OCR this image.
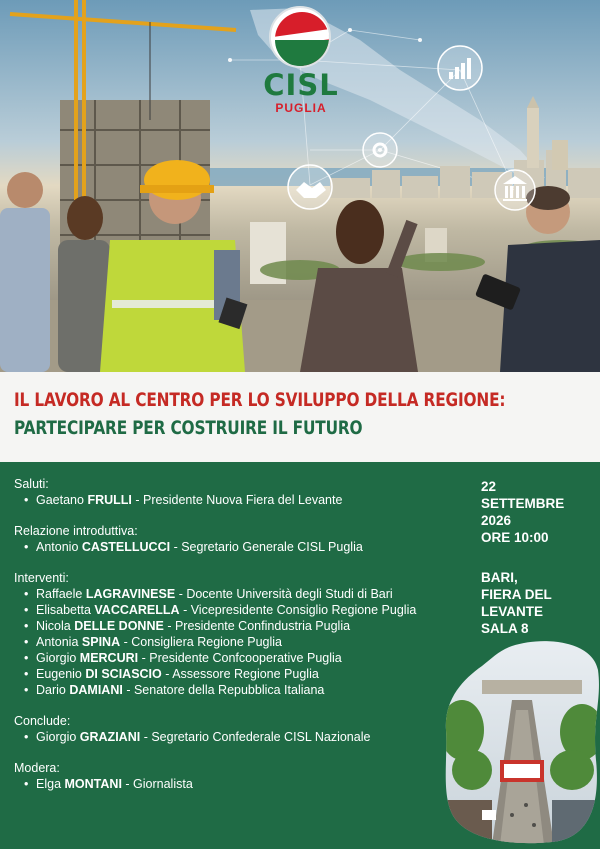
CISL
PUGLIA
IL LAVORO AL CENTRO PER LO SVILUPPO DELLA REGIONE:
PARTECIPARE PER COSTRUIRE IL FUTURO
Saluti:
• Gaetano FRULLI - Presidente Nuova Fiera del Levante
Relazione introduttiva:
• Antonio CASTELLUCCI - Segretario Generale CISL Puglia
Interventi:
• Raffaele LAGRAVINESE - Docente Università degli Studi di Bari
• Elisabetta VACCARELLA - Vicepresidente Consiglio Regione Puglia
• Nicola DELLE DONNE - Presidente Confindustria Puglia
• Antonia SPINA - Consigliera Regione Puglia
• Giorgio MERCURI - Presidente Confcooperative Puglia
• Eugenio DI SCIASCIO - Assessore Regione Puglia
• Dario DAMIANI - Senatore della Repubblica Italiana
Conclude:
• Giorgio GRAZIANI - Segretario Confederale CISL Nazionale
Modera:
• Elga MONTANI - Giornalista
22
SETTEMBRE
2026
ORE 10:00
BARI,
FIERA DEL
LEVANTE
SALA 8
